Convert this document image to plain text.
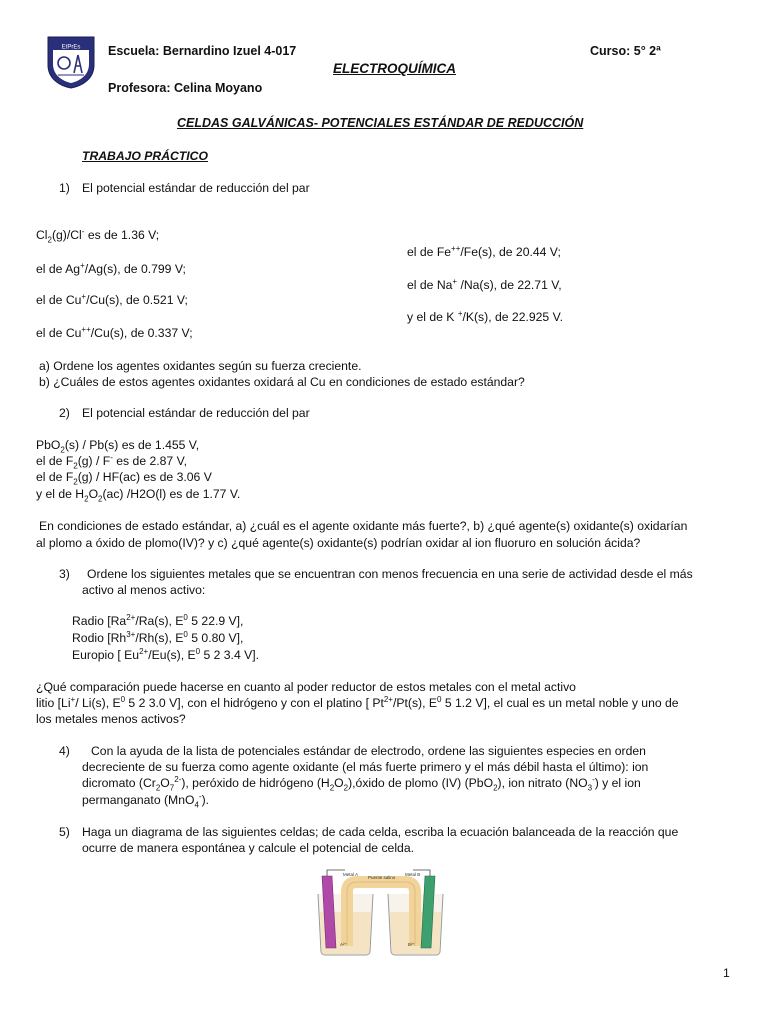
EtPrEs Escuela: Bernardino Izuel 4-017	Curso: 5° 2ª
ELECTROQUÍMICA
Profesora: Celina Moyano
CELDAS GALVÁNICAS- POTENCIALES ESTÁNDAR DE REDUCCIÓN
TRABAJO PRÁCTICO
1) El potencial estándar de reducción del par
$Cl_2(g)/Cl^-$ es de 1.36 V;
el de Fe++/Fe(s), de 20.44 V;
el de Ag+/Ag(s), de 0.799 V;
el de Na+ /Na(s), de 22.71 V,
el de Cu+/Cu(s), de 0.521 V;
y el de K +/K(s), de 22.925 V.
el de Cu++/Cu(s), de 0.337 V;
a) Ordene los agentes oxidantes según su fuerza creciente.
b) ¿Cuáles de estos agentes oxidantes oxidará al Cu en condiciones de estado estándar?
2) El potencial estándar de reducción del par
PbO$_2$(s) / Pb(s) es de 1.455 V,
el de $F_2(g) / F^-$ es de 2.87 V,
el de $F_2(g) / HF(ac)$ es de 3.06 V
y el de $H_2O_2(ac)$ /H2O(l) es de 1.77 V.
En condiciones de estado estándar, a) ¿cuál es el agente oxidante más fuerte?, b) ¿qué agente(s) oxidante(s) oxidarían
al plomo a óxido de plomo(IV)? y c) ¿qué agente(s) oxidante(s) podrían oxidar al ion fluoruro en solución ácida?
3) Ordene los siguientes metales que se encuentran con menos frecuencia en una serie de actividad desde el más
activo al menos activo:
Radio [$Ra^{2+}/Ra(s)$, $E^0$ 5 22.9 V],
Rodio [$Rh^{3+}/Rh(s)$, $E^0$ 5 0.80 V],
Europio [ $Eu^{2+}/Eu(s)$, $E^0$ 5 2 3.4 V].
¿Qué comparación puede hacerse en cuanto al poder reductor de estos metales con el metal activo
litio [Li+/ Li(s), $E^0$ 5 2 3.0 V], con el hidrógeno y con el platino [ $Pt^{2+}/Pt(s)$, $E^0$ 5 1.2 V], el cual es un metal noble y uno de
los metales menos activos?
4) Con la ayuda de la lista de potenciales estándar de electrodo, ordene las siguientes especies en orden
decreciente de su fuerza como agente oxidante (el más fuerte primero y el más débil hasta el último): ion
dicromato $(Cr_2O_7^{2-})$, peróxido de hidrógeno $(H_2O_2),óxido$ de plomo (IV) (PbO$_2$), ion nitrato $(NO_3^-)$ y el ion
permanganato (MnO$_4$-).
5) Haga un diagrama de las siguientes celdas; de cada celda, escriba la ecuación balanceada de la reacción que
ocurre de manera espontánea y calcule el potencial de celda.
Metal A	Metal B
Puente salino
A²⁺	B²⁺
1
